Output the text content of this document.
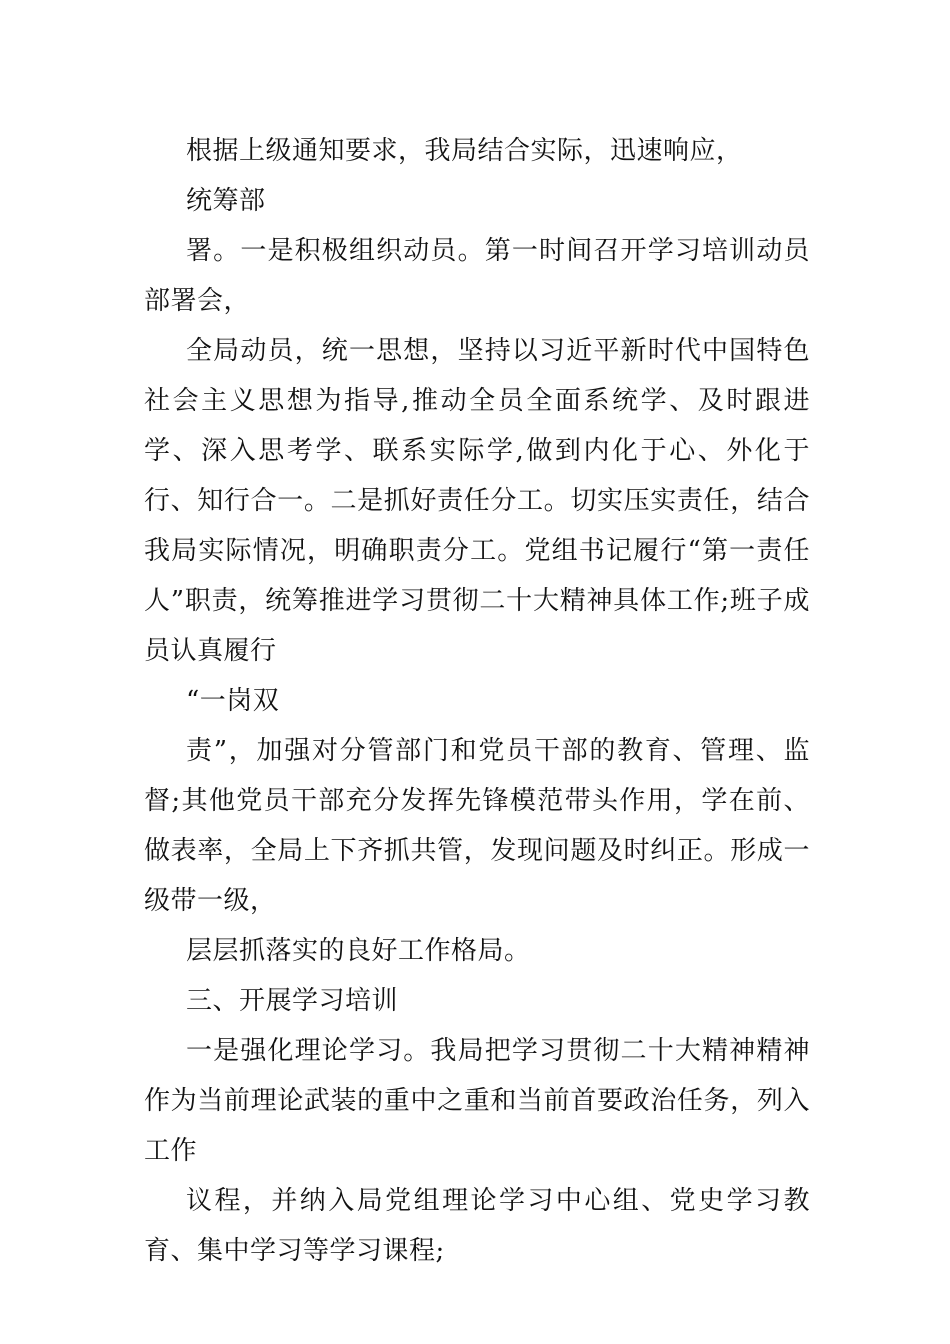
根据上级通知要求，我局结合实际，迅速响应，

统筹部

署。一是积极组织动员。第一时间召开学习培训动员部署会，

全局动员，统一思想，坚持以习近平新时代中国特色社会主义思想为指导,推动全员全面系统学、及时跟进学、深入思考学、联系实际学,做到内化于心、外化于行、知行合一。二是抓好责任分工。切实压实责任，结合我局实际情况，明确职责分工。党组书记履行“第一责任人”职责，统筹推进学习贯彻二十大精神具体工作;班子成员认真履行

“一岗双

责”，加强对分管部门和党员干部的教育、管理、监督;其他党员干部充分发挥先锋模范带头作用，学在前、做表率，全局上下齐抓共管，发现问题及时纠正。形成一级带一级，

层层抓落实的良好工作格局。

三、开展学习培训

一是强化理论学习。我局把学习贯彻二十大精神精神作为当前理论武装的重中之重和当前首要政治任务，列入工作

议程，并纳入局党组理论学习中心组、党史学习教育、集中学习等学习课程;
